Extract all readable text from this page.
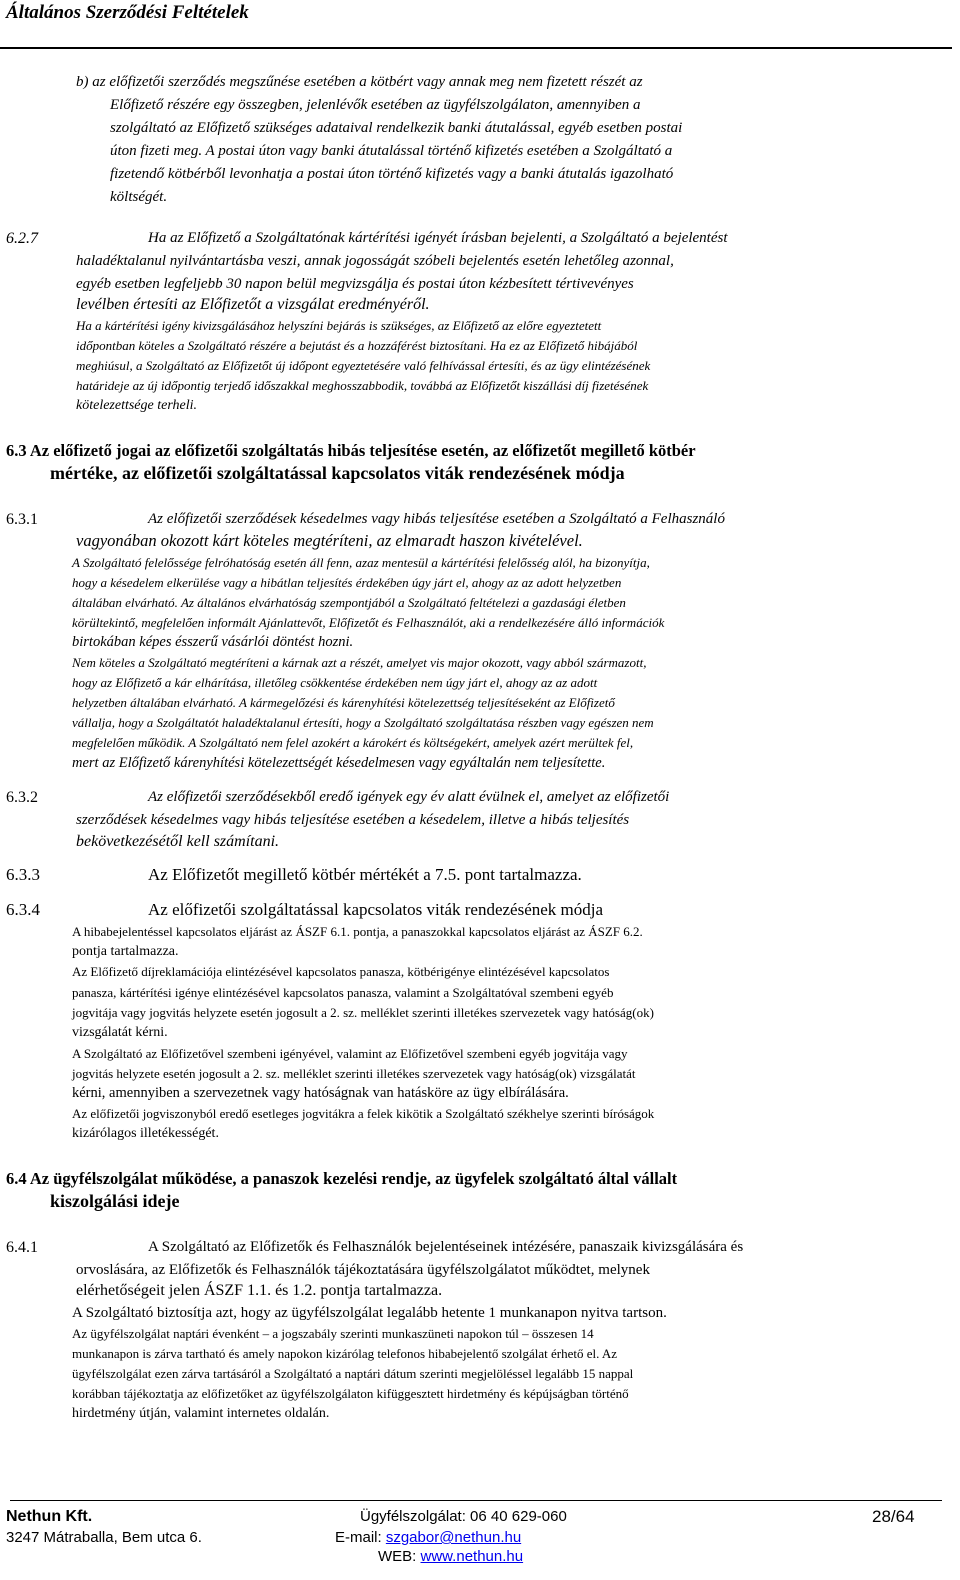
Általános Szerződési Feltételek

b) az előfizetői szerződés megszűnése esetében a kötbért vagy annak meg nem fizetett részét az

Előfizető részére egy összegben, jelenlévők esetében az ügyfélszolgálaton, amennyiben a

szolgáltató az Előfizető szükséges adataival rendelkezik banki átutalással, egyéb esetben postai

úton fizeti meg. A postai úton vagy banki átutalással történő kifizetés esetében a Szolgáltató a

fizetendő kötbérből levonhatja a postai úton történő kifizetés vagy a banki átutalás igazolható

költségét.

6.2.7	Ha az Előfizető a Szolgáltatónak kártérítési igényét írásban bejelenti, a Szolgáltató a bejelentést

haladéktalanul nyilvántartásba veszi, annak jogosságát szóbeli bejelentés esetén lehetőleg azonnal,

egyéb esetben legfeljebb 30 napon belül megvizsgálja és postai úton kézbesített tértivevényes

levélben értesíti az Előfizetőt a vizsgálat eredményéről.

Ha a kártérítési igény kivizsgálásához helyszíni bejárás is szükséges, az Előfizető az előre egyeztetett

időpontban köteles a Szolgáltató részére a bejutást és a hozzáférést biztosítani. Ha ez az Előfizető hibájából

meghiúsul, a Szolgáltató az Előfizetőt új időpont egyeztetésére való felhívással értesíti, és az ügy elintézésének

határideje az új időpontig terjedő időszakkal meghosszabbodik, továbbá az Előfizetőt kiszállási díj fizetésének

kötelezettsége terheli.

6.3 Az előfizető jogai az előfizetői szolgáltatás hibás teljesítése esetén, az előfizetőt megillető kötbér

mértéke, az előfizetői szolgáltatással kapcsolatos viták rendezésének módja

6.3.1	Az előfizetői szerződések késedelmes vagy hibás teljesítése esetében a Szolgáltató a Felhasználó

vagyonában okozott kárt köteles megtéríteni, az elmaradt haszon kivételével.

A Szolgáltató felelőssége felróhatóság esetén áll fenn, azaz mentesül a kártérítési felelősség alól, ha bizonyítja,

hogy a késedelem elkerülése vagy a hibátlan teljesítés érdekében úgy járt el, ahogy az az adott helyzetben

általában elvárható. Az általános elvárhatóság szempontjából a Szolgáltató feltételezi a gazdasági életben

körültekintő, megfelelően informált Ajánlattevőt, Előfizetőt és Felhasználót, aki a rendelkezésére álló információk

birtokában képes ésszerű vásárlói döntést hozni.

Nem köteles a Szolgáltató megtéríteni a kárnak azt a részét, amelyet vis major okozott, vagy abból származott,

hogy az Előfizető a kár elhárítása, illetőleg csökkentése érdekében nem úgy járt el, ahogy az az adott

helyzetben általában elvárható. A kármegelőzési és kárenyhítési kötelezettség teljesítéseként az Előfizető

vállalja, hogy a Szolgáltatót haladéktalanul értesíti, hogy a Szolgáltató szolgáltatása részben vagy egészen nem

megfelelően működik. A Szolgáltató nem felel azokért a károkért és költségekért, amelyek azért merültek fel,

mert az Előfizető kárenyhítési kötelezettségét késedelmesen vagy egyáltalán nem teljesítette.

6.3.2	Az előfizetői szerződésekből eredő igények egy év alatt évülnek el, amelyet az előfizetői

szerződések késedelmes vagy hibás teljesítése esetében a késedelem, illetve a hibás teljesítés

bekövetkezésétől kell számítani.

6.3.3	Az Előfizetőt megillető kötbér mértékét a 7.5. pont tartalmazza.

6.3.4	Az előfizetői szolgáltatással kapcsolatos viták rendezésének módja

A hibabejelentéssel kapcsolatos eljárást az ÁSZF 6.1. pontja, a panaszokkal kapcsolatos eljárást az ÁSZF 6.2.

pontja tartalmazza.

Az Előfizető díjreklamációja elintézésével kapcsolatos panasza, kötbérigénye elintézésével kapcsolatos

panasza, kártérítési igénye elintézésével kapcsolatos panasza, valamint a Szolgáltatóval szembeni egyéb

jogvitája vagy jogvitás helyzete esetén jogosult a 2. sz. melléklet szerinti illetékes szervezetek vagy hatóság(ok)

vizsgálatát kérni.

A Szolgáltató az Előfizetővel szembeni igényével, valamint az Előfizetővel szembeni egyéb jogvitája vagy

jogvitás helyzete esetén jogosult a 2. sz. melléklet szerinti illetékes szervezetek vagy hatóság(ok) vizsgálatát

kérni, amennyiben a szervezetnek vagy hatóságnak van hatásköre az ügy elbírálására.

Az előfizetői jogviszonyból eredő esetleges jogvitákra a felek kikötik a Szolgáltató székhelye szerinti bíróságok

kizárólagos illetékességét.

6.4 Az ügyfélszolgálat működése, a panaszok kezelési rendje, az ügyfelek szolgáltató által vállalt

kiszolgálási ideje

6.4.1	A Szolgáltató az Előfizetők és Felhasználók bejelentéseinek intézésére, panaszaik kivizsgálására és

orvoslására, az Előfizetők és Felhasználók tájékoztatására ügyfélszolgálatot működtet, melynek

elérhetőségeit jelen ÁSZF 1.1. és 1.2. pontja tartalmazza.

A Szolgáltató biztosítja azt, hogy az ügyfélszolgálat legalább hetente 1 munkanapon nyitva tartson.

Az ügyfélszolgálat naptári évenként – a jogszabály szerinti munkaszüneti napokon túl – összesen 14

munkanapon is zárva tartható és amely napokon kizárólag telefonos hibabejelentő szolgálat érhető el. Az

ügyfélszolgálat ezen zárva tartásáról a Szolgáltató a naptári dátum szerinti megjelöléssel legalább 15 nappal

korábban tájékoztatja az előfizetőket az ügyfélszolgálaton kifüggesztett hirdetmény és képújságban történő

hirdetmény útján, valamint internetes oldalán.

Nethun Kft.
3247 Mátraballa, Bem utca 6.
Ügyfélszolgálat: 06 40 629-060
E-mail: szgabor@nethun.hu
WEB: www.nethun.hu
28/64
